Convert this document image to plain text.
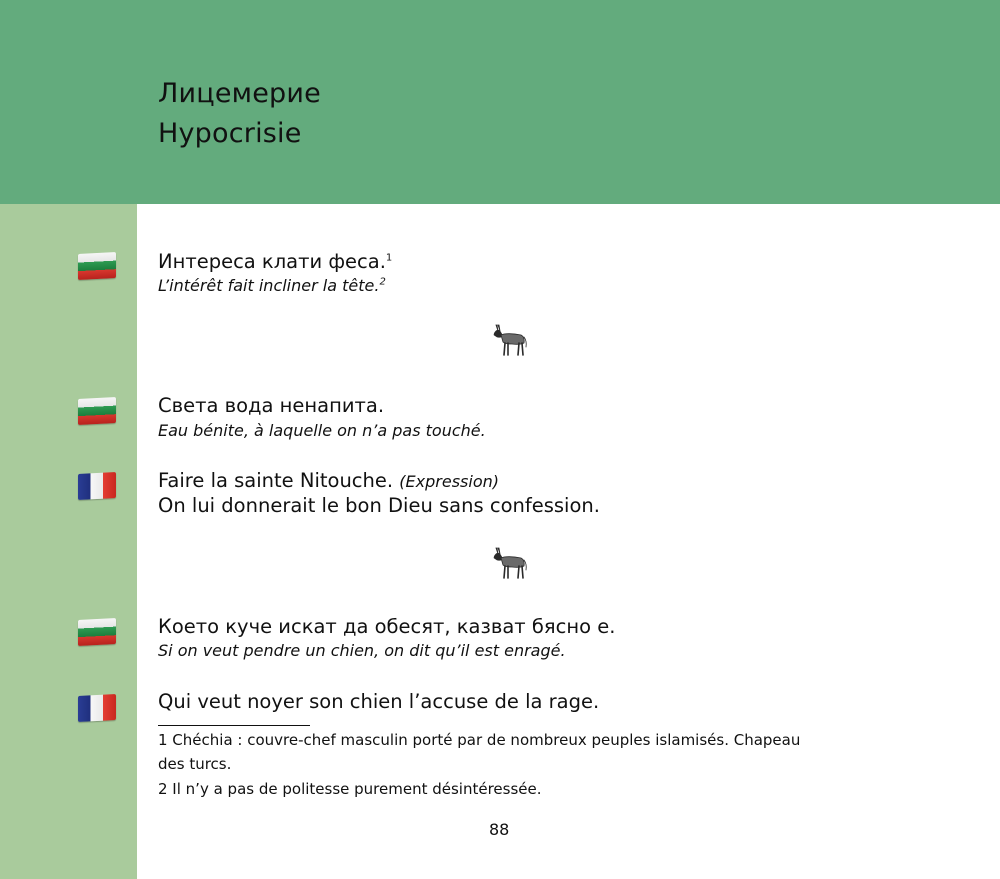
Лицемерие
Hypocrisie
Интереса клати феса.$^1$
L’intérêt fait incliner la tête.$^2$
Света вода ненапита.
Eau bénite, à laquelle on n’a pas touché.
Faire la sainte Nitouche. (Expression)
On lui donnerait le bon Dieu sans confession.
Което куче искат да обесят, казват бясно е.
Si on veut pendre un chien, on dit qu’il est enragé.
Qui veut noyer son chien l’accuse de la rage.
1 Chéchia : couvre-chef masculin porté par de nombreux peuples islamisés. Chapeau
des turcs.
2 Il n’y a pas de politesse purement désintéressée.
88
